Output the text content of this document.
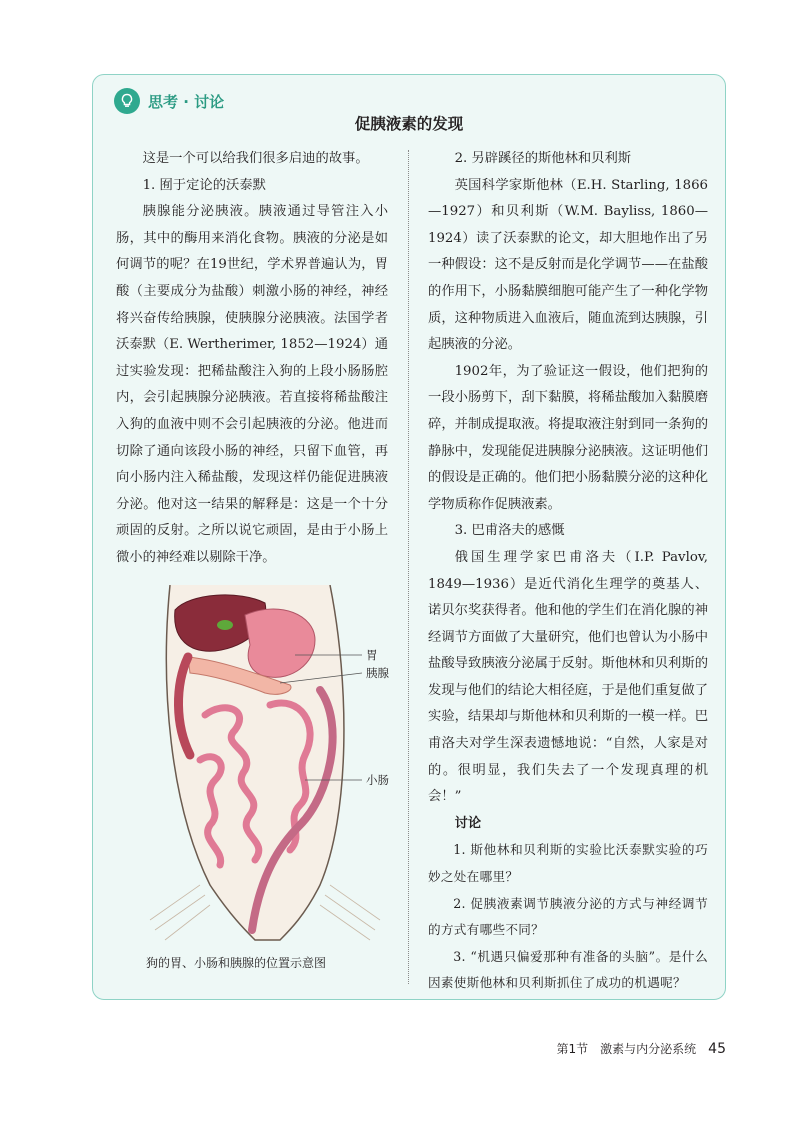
思考 · 讨论
促胰液素的发现

这是一个可以给我们很多启迪的故事。

1. 囿于定论的沃泰默

胰腺能分泌胰液。胰液通过导管注入小肠，其中的酶用来消化食物。胰液的分泌是如何调节的呢？在19世纪，学术界普遍认为，胃酸（主要成分为盐酸）刺激小肠的神经，神经将兴奋传给胰腺，使胰腺分泌胰液。法国学者沃泰默（E. Wertherimer, 1852—1924）通过实验发现：把稀盐酸注入狗的上段小肠肠腔内，会引起胰腺分泌胰液。若直接将稀盐酸注入狗的血液中则不会引起胰液的分泌。他进而切除了通向该段小肠的神经，只留下血管，再向小肠内注入稀盐酸，发现这样仍能促进胰液分泌。他对这一结果的解释是：这是一个十分顽固的反射。之所以说它顽固，是由于小肠上微小的神经难以剔除干净。

胃
胰腺
小肠
狗的胃、小肠和胰腺的位置示意图

2. 另辟蹊径的斯他林和贝利斯

英国科学家斯他林（E.H. Starling, 1866—1927）和贝利斯（W.M. Bayliss, 1860—1924）读了沃泰默的论文，却大胆地作出了另一种假设：这不是反射而是化学调节——在盐酸的作用下，小肠黏膜细胞可能产生了一种化学物质，这种物质进入血液后，随血流到达胰腺，引起胰液的分泌。

1902年，为了验证这一假设，他们把狗的一段小肠剪下，刮下黏膜，将稀盐酸加入黏膜磨碎，并制成提取液。将提取液注射到同一条狗的静脉中，发现能促进胰腺分泌胰液。这证明他们的假设是正确的。他们把小肠黏膜分泌的这种化学物质称作促胰液素。

3. 巴甫洛夫的感慨

俄国生理学家巴甫洛夫（I.P. Pavlov, 1849—1936）是近代消化生理学的奠基人、诺贝尔奖获得者。他和他的学生们在消化腺的神经调节方面做了大量研究，他们也曾认为小肠中盐酸导致胰液分泌属于反射。斯他林和贝利斯的发现与他们的结论大相径庭，于是他们重复做了实验，结果却与斯他林和贝利斯的一模一样。巴甫洛夫对学生深表遗憾地说：“自然，人家是对的。很明显，我们失去了一个发现真理的机会！”

讨论

1. 斯他林和贝利斯的实验比沃泰默实验的巧妙之处在哪里？

2. 促胰液素调节胰液分泌的方式与神经调节的方式有哪些不同？

3. “机遇只偏爱那种有准备的头脑”。是什么因素使斯他林和贝利斯抓住了成功的机遇呢？

第1节　激素与内分泌系统 45
